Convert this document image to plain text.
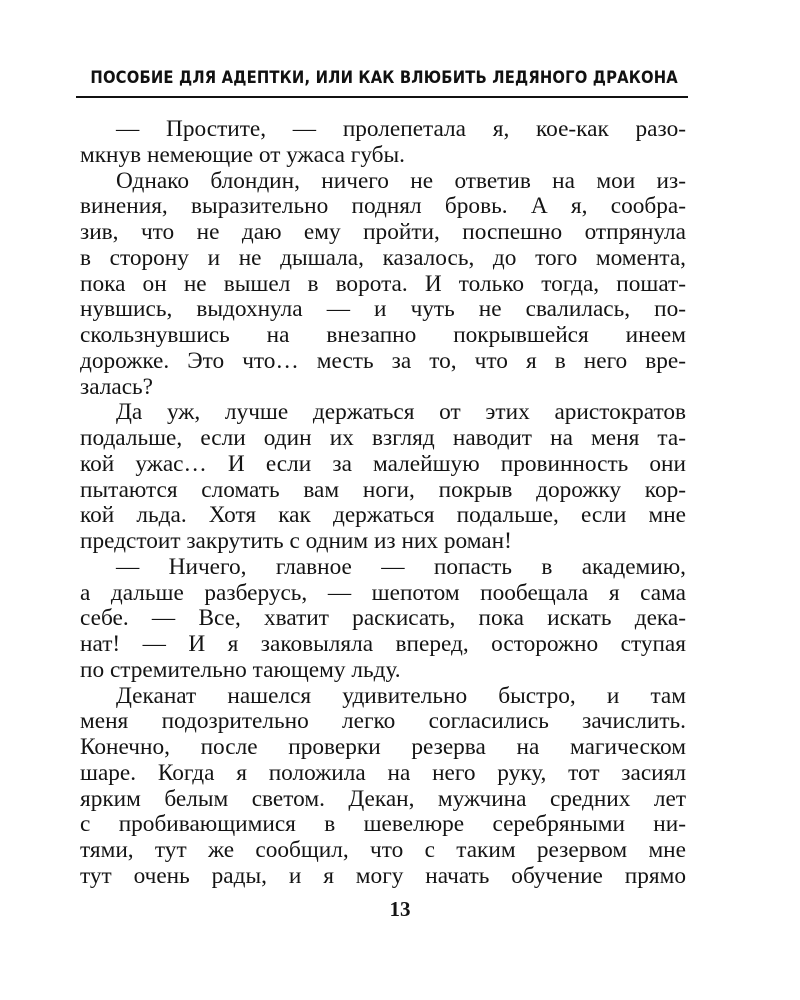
ПОСОБИЕ ДЛЯ АДЕПТКИ, ИЛИ КАК ВЛЮБИТЬ ЛЕДЯНОГО ДРАКОНА
— Простите, — пролепетала я, кое-как разо-
мкнув немеющие от ужаса губы.
Однако блондин, ничего не ответив на мои из-
винения, выразительно поднял бровь. А я, сообра-
зив, что не даю ему пройти, поспешно отпрянула
в сторону и не дышала, казалось, до того момента,
пока он не вышел в ворота. И только тогда, пошат-
нувшись, выдохнула — и чуть не свалилась, по-
скользнувшись на внезапно покрывшейся инеем
дорожке. Это что… месть за то, что я в него вре-
залась?
Да уж, лучше держаться от этих аристократов
подальше, если один их взгляд наводит на меня та-
кой ужас… И если за малейшую провинность они
пытаются сломать вам ноги, покрыв дорожку кор-
кой льда. Хотя как держаться подальше, если мне
предстоит закрутить с одним из них роман!
— Ничего, главное — попасть в академию,
а дальше разберусь, — шепотом пообещала я сама
себе. — Все, хватит раскисать, пока искать дека-
нат! — И я заковыляла вперед, осторожно ступая
по стремительно тающему льду.
Деканат нашелся удивительно быстро, и там
меня подозрительно легко согласились зачислить.
Конечно, после проверки резерва на магическом
шаре. Когда я положила на него руку, тот засиял
ярким белым светом. Декан, мужчина средних лет
с пробивающимися в шевелюре серебряными ни-
тями, тут же сообщил, что с таким резервом мне
тут очень рады, и я могу начать обучение прямо
13
